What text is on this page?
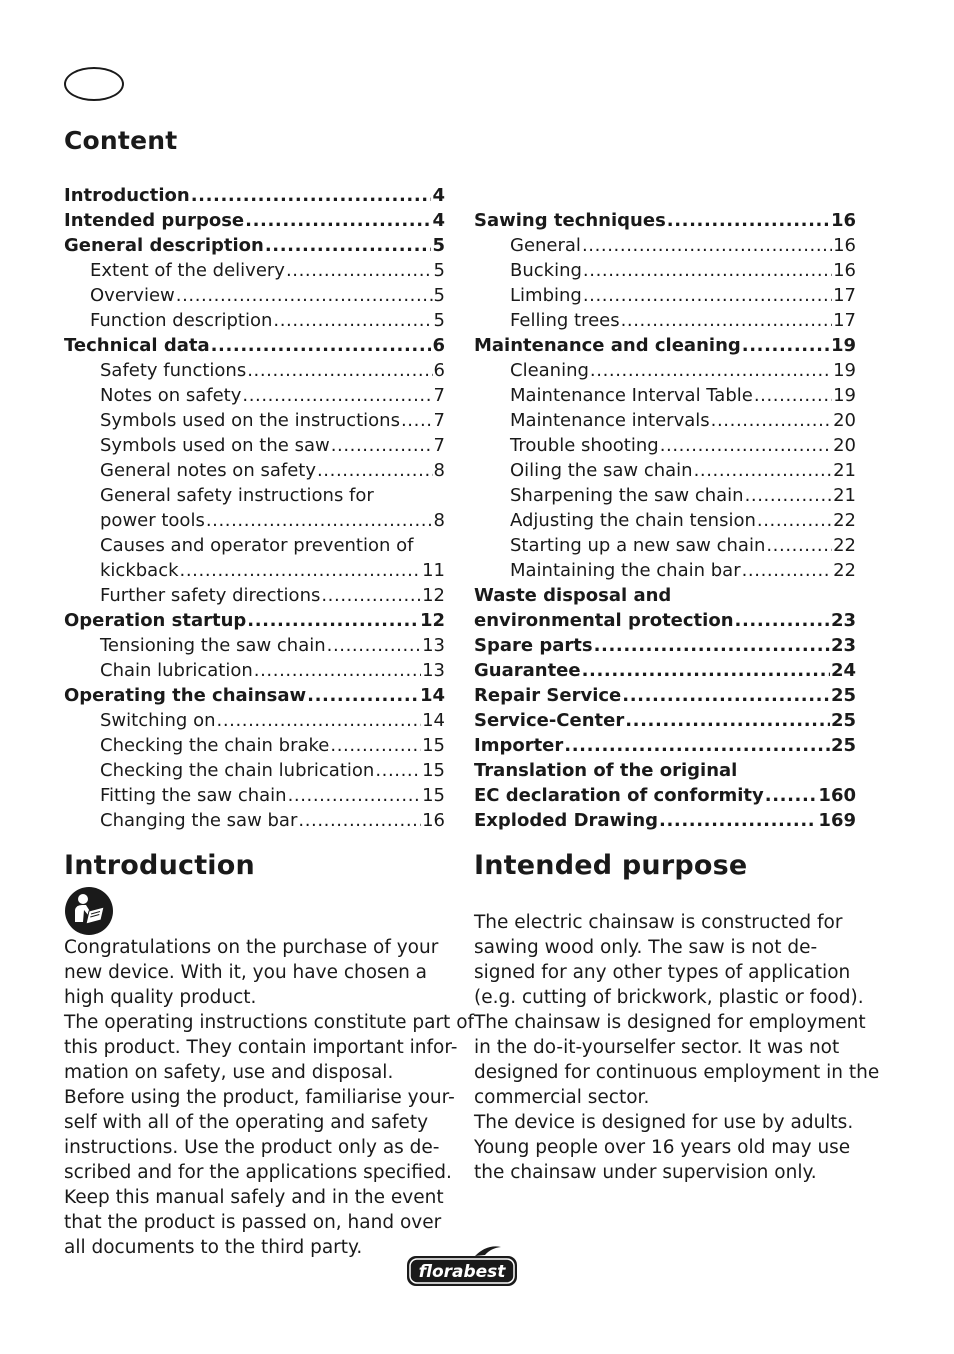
Content
Introduction .....	4
Intended purpose .....	4
General description .....	5
Extent of the delivery .....	5
Overview .....	5
Function description .....	5
Technical data .....	6
Safety functions .....	6
Notes on safety .....	7
Symbols used on the instructions ..... 7
Symbols used on the saw .....	7
General notes on safety .....	8
General safety instructions for
power tools .....	8
Causes and operator prevention of
kickback .....	11
Further safety directions .....	12
Operation startup .....	12
Tensioning the saw chain .....	13
Chain lubrication .....	13
Operating the chainsaw .....	14
Switching on .....	14
Checking the chain brake .....	15
Checking the chain lubrication .....	15
Fitting the saw chain .....	15
Changing the saw bar .....	16
Sawing techniques .....	16
General .....	16
Bucking .....	16
Limbing .....	17
Felling trees .....	17
Maintenance and cleaning .....	19
Cleaning .....	19
Maintenance Interval Table .....	19
Maintenance intervals .....	20
Trouble shooting .....	20
Oiling the saw chain .....	21
Sharpening the saw chain .....	21
Adjusting the chain tension .....	22
Starting up a new saw chain .....	22
Maintaining the chain bar .....	22
Waste disposal and
environmental protection .....	23
Spare parts .....	23
Guarantee .....	24
Repair Service .....	25
Service-Center .....	25
Importer .....	25
Translation of the original
EC declaration of conformity .....	160
Exploded Drawing .....	169
Introduction

Congratulations on the purchase of your
new device. With it, you have chosen a
high quality product.
The operating instructions constitute part of
this product. They contain important infor-
mation on safety, use and disposal.
Before using the product, familiarise your-
self with all of the operating and safety
instructions. Use the product only as de-
scribed and for the applications specified.
Keep this manual safely and in the event
that the product is passed on, hand over
all documents to the third party.

Intended purpose

The electric chainsaw is constructed for
sawing wood only. The saw is not de-
signed for any other types of application
(e.g. cutting of brickwork, plastic or food).
The chainsaw is designed for employment
in the do-it-yourselfer sector. It was not
designed for continuous employment in the
commercial sector.
The device is designed for use by adults.
Young people over 16 years old may use
the chainsaw under supervision only.

florabest
